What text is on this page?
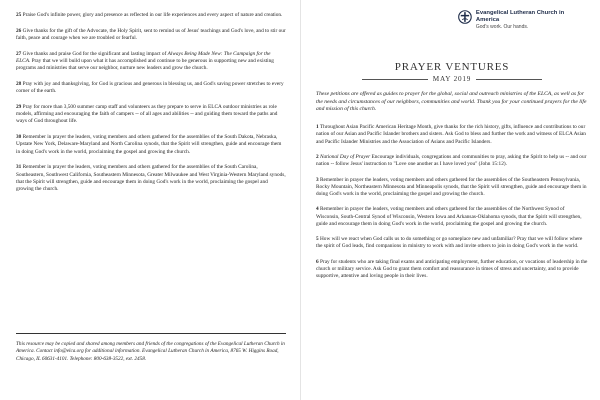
25 Praise God's infinite power, glory and presence as reflected in our life experiences and every aspect of nature and creation.

26 Give thanks for the gift of the Advocate, the Holy Spirit, sent to remind us of Jesus' teachings and God's love, and to stir our faith, peace and courage when we are troubled or fearful.

27 Give thanks and praise God for the significant and lasting impact of Always Being Made New: The Campaign for the ELCA. Pray that we will build upon what it has accomplished and continue to be generous in supporting new and existing programs and ministries that serve our neighbor, nurture new leaders and grow the church.

28 Pray with joy and thanksgiving, for God is gracious and generous in blessing us, and God's saving power stretches to every corner of the earth.

29 Pray for more than 3,500 summer camp staff and volunteers as they prepare to serve in ELCA outdoor ministries as role models, affirming and encouraging the faith of campers -- of all ages and abilities -- and guiding them toward the paths and ways of God throughout life.

30 Remember in prayer the leaders, voting members and others gathered for the assemblies of the South Dakota, Nebraska, Upstate New York, Delaware-Maryland and North Carolina synods, that the Spirit will strengthen, guide and encourage them in doing God's work in the world, proclaiming the gospel and growing the church.

31 Remember in prayer the leaders, voting members and others gathered for the assemblies of the South Carolina, Southeastern, Southwest California, Southeastern Minnesota, Greater Milwaukee and West Virginia-Western Maryland synods, that the Spirit will strengthen, guide and encourage them in doing God's work in the world, proclaiming the gospel and growing the church.

This resource may be copied and shared among members and friends of the congregations of the Evangelical Lutheran Church in America. Contact info@elca.org for additional information. Evangelical Lutheran Church in America, 8765 W. Higgins Road, Chicago, IL 60631-4101. Telephone: 800-638-3522, ext. 2458.

Evangelical Lutheran Church in America
God's work. Our hands.
PRAYER VENTURES
MAY 2019

These petitions are offered as guides to prayer for the global, social and outreach ministries of the ELCA, as well as for the needs and circumstances of our neighbors, communities and world. Thank you for your continued prayers for the life and mission of this church.

1 Throughout Asian Pacific American Heritage Month, give thanks for the rich history, gifts, influence and contributions to our nation of our Asian and Pacific Islander brothers and sisters. Ask God to bless and further the work and witness of ELCA Asian and Pacific Islander Ministries and the Association of Asians and Pacific Islanders.

2 National Day of Prayer Encourage individuals, congregations and communities to pray, asking the Spirit to help us -- and our nation -- follow Jesus' instruction to "Love one another as I have loved you" (John 15:12).

3 Remember in prayer the leaders, voting members and others gathered for the assemblies of the Southeastern Pennsylvania, Rocky Mountain, Northeastern Minnesota and Minneapolis synods, that the Spirit will strengthen, guide and encourage them in doing God's work in the world, proclaiming the gospel and growing the church.

4 Remember in prayer the leaders, voting members and others gathered for the assemblies of the Northwest Synod of Wisconsin, South-Central Synod of Wisconsin, Western Iowa and Arkansas-Oklahoma synods, that the Spirit will strengthen, guide and encourage them in doing God's work in the world, proclaiming the gospel and growing the church.

5 How will we react when God calls us to do something or go someplace new and unfamiliar? Pray that we will follow where the spirit of God leads, find companions in ministry to work with and invite others to join in doing God's work in the world.

6 Pray for students who are taking final exams and anticipating employment, further education, or vocations of leadership in the church or military service. Ask God to grant them comfort and reassurance in times of stress and uncertainty, and to provide supportive, attentive and loving people in their lives.
